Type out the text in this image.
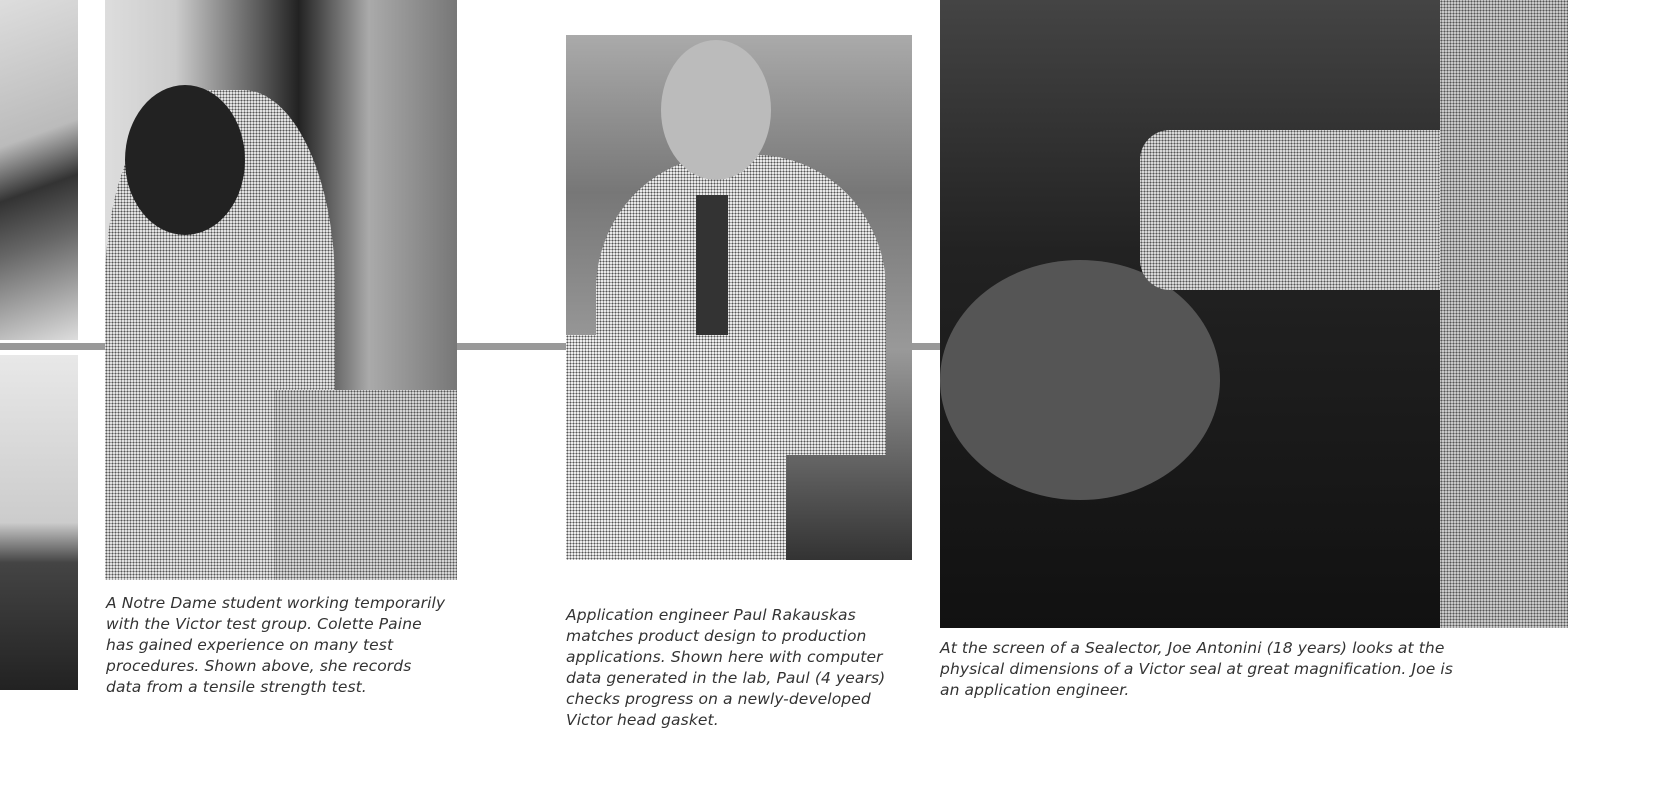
A Notre Dame student working temporarily with the Victor test group. Colette Paine has gained experience on many test procedures. Shown above, she records data from a tensile strength test.
Application engineer Paul Rakauskas matches product design to production applications. Shown here with computer data generated in the lab, Paul (4 years) checks progress on a newly-developed Victor head gasket.
At the screen of a Sealector, Joe Antonini (18 years) looks at the physical dimensions of a Victor seal at great magnification. Joe is an application engineer.
